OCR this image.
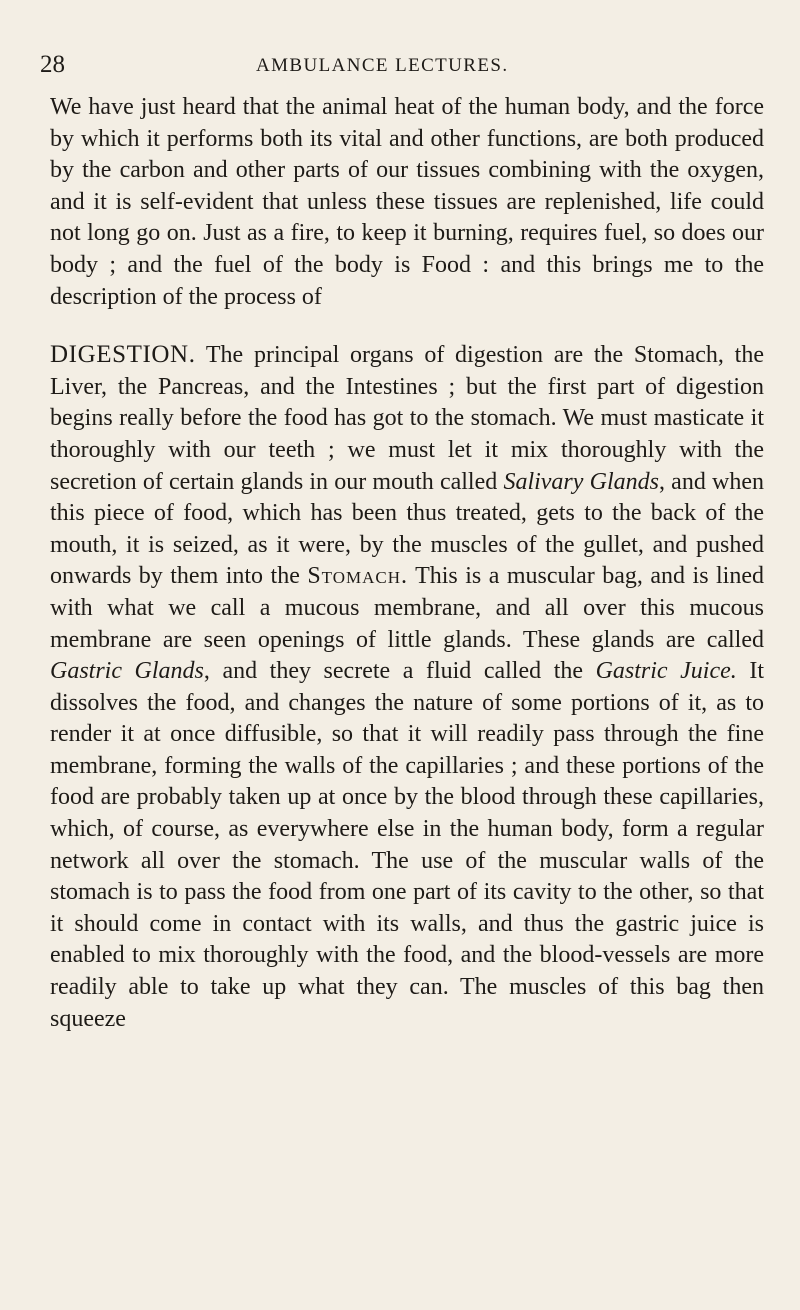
28	AMBULANCE LECTURES.

We have just heard that the animal heat of the human body, and the force by which it performs both its vital and other functions, are both produced by the carbon and other parts of our tissues combining with the oxygen, and it is self-evident that unless these tissues are replenished, life could not long go on. Just as a fire, to keep it burning, requires fuel, so does our body ; and the fuel of the body is Food : and this brings me to the description of the process of

DIGESTION. The principal organs of digestion are the Stomach, the Liver, the Pancreas, and the Intestines ; but the first part of digestion begins really before the food has got to the stomach. We must masticate it thoroughly with our teeth ; we must let it mix thoroughly with the secretion of certain glands in our mouth called Salivary Glands, and when this piece of food, which has been thus treated, gets to the back of the mouth, it is seized, as it were, by the muscles of the gullet, and pushed onwards by them into the Stomach. This is a muscular bag, and is lined with what we call a mucous membrane, and all over this mucous membrane are seen openings of little glands. These glands are called Gastric Glands, and they secrete a fluid called the Gastric Juice. It dissolves the food, and changes the nature of some portions of it, as to render it at once diffusible, so that it will readily pass through the fine membrane, forming the walls of the capillaries ; and these portions of the food are probably taken up at once by the blood through these capillaries, which, of course, as everywhere else in the human body, form a regular network all over the stomach. The use of the muscular walls of the stomach is to pass the food from one part of its cavity to the other, so that it should come in contact with its walls, and thus the gastric juice is enabled to mix thoroughly with the food, and the blood-vessels are more readily able to take up what they can. The muscles of this bag then squeeze
